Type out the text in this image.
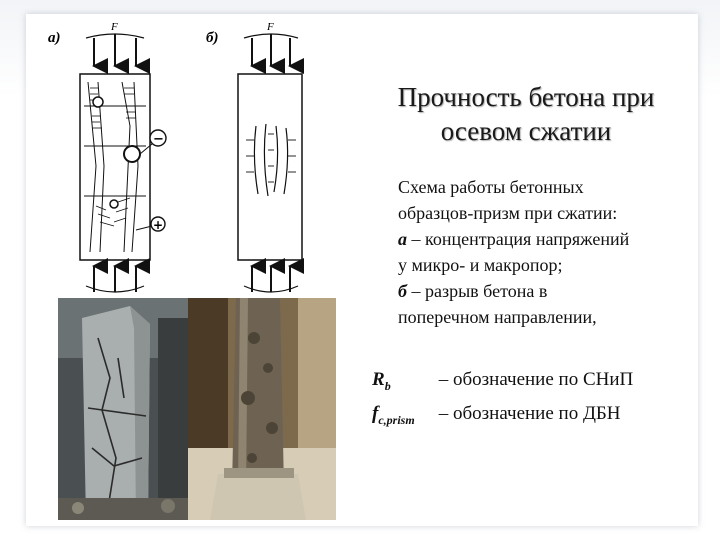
а)	б)
F
−
+
F
Прочность бетона при
осевом сжатии
Схема работы бетонных
образцов-призм при сжатии:
а – концентрация напряжений
у микро- и макропор;
б – разрыв бетона в
поперечном направлении,
$R_b$	– обозначение по СНиП
$f_{c,prism}$ – обозначение по ДБН
